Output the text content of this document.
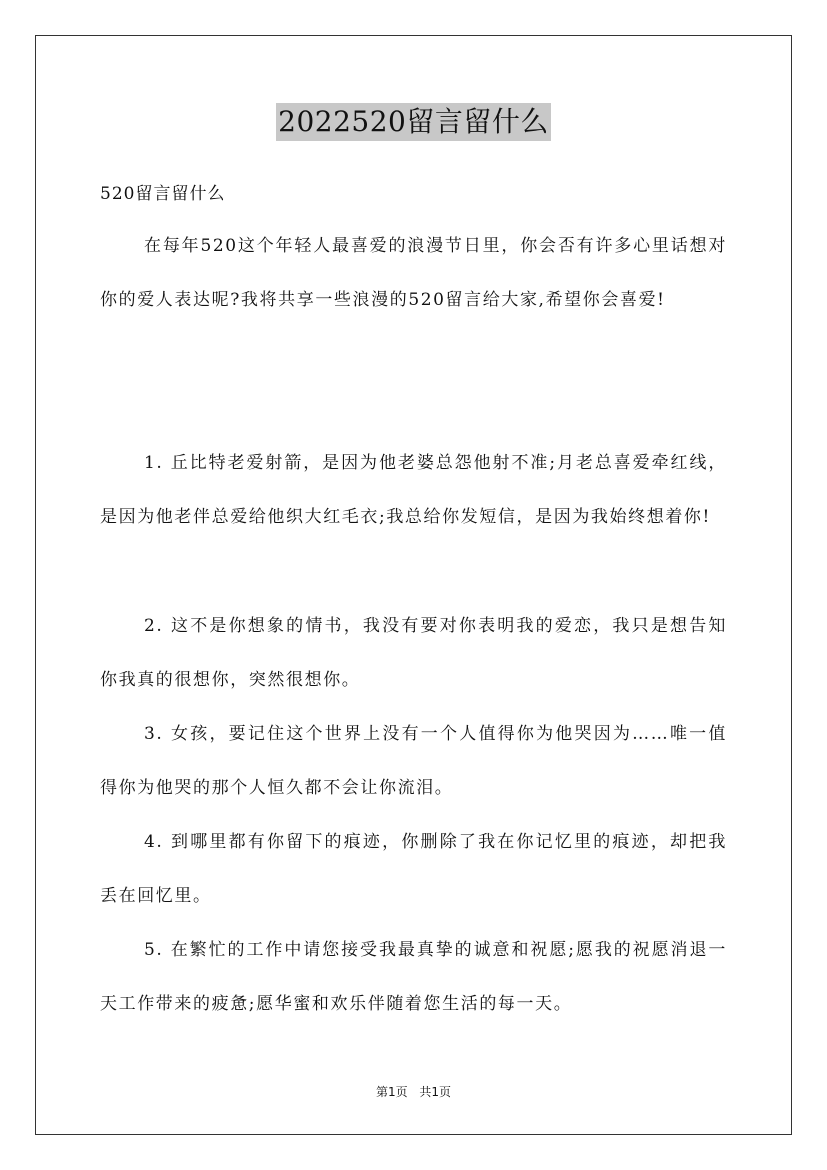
2022520留言留什么
520留言留什么

在每年520这个年轻人最喜爱的浪漫节日里，你会否有许多心里话想对你的爱人表达呢?我将共享一些浪漫的520留言给大家,希望你会喜爱!

1. 丘比特老爱射箭，是因为他老婆总怨他射不准;月老总喜爱牵红线，是因为他老伴总爱给他织大红毛衣;我总给你发短信，是因为我始终想着你!

2. 这不是你想象的情书，我没有要对你表明我的爱恋，我只是想告知你我真的很想你，突然很想你。

3. 女孩，要记住这个世界上没有一个人值得你为他哭因为……唯一值得你为他哭的那个人恒久都不会让你流泪。

4. 到哪里都有你留下的痕迹，你删除了我在你记忆里的痕迹，却把我丢在回忆里。

5. 在繁忙的工作中请您接受我最真挚的诚意和祝愿;愿我的祝愿消退一天工作带来的疲惫;愿华蜜和欢乐伴随着您生活的每一天。

第1页 共1页
